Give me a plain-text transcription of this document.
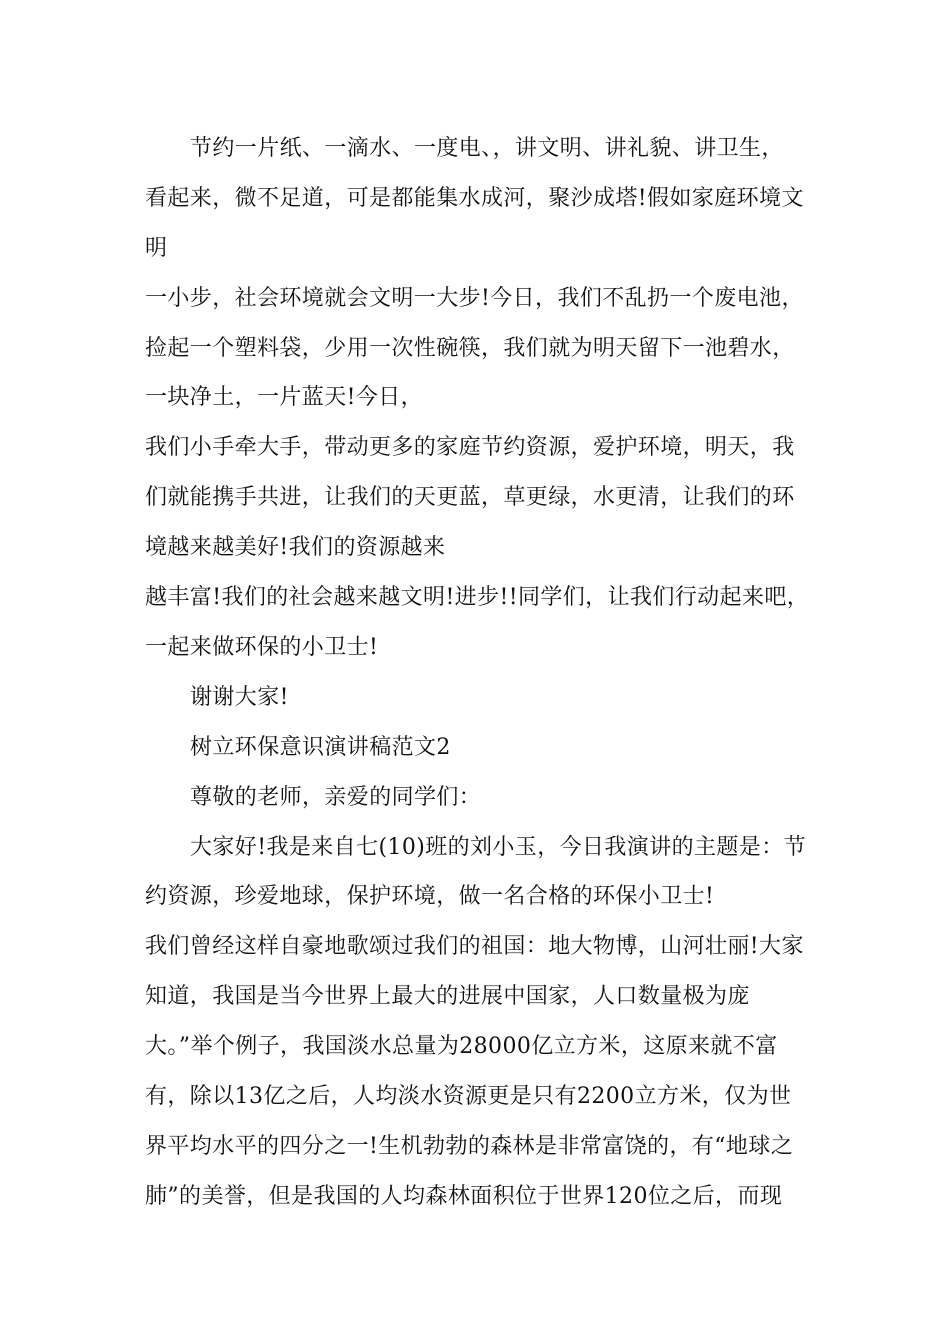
节约一片纸、一滴水、一度电、，讲文明、讲礼貌、讲卫生，
看起来，微不足道，可是都能集水成河，聚沙成塔!假如家庭环境文
明
一小步，社会环境就会文明一大步!今日，我们不乱扔一个废电池，
捡起一个塑料袋，少用一次性碗筷，我们就为明天留下一池碧水，
一块净土，一片蓝天!今日，
我们小手牵大手，带动更多的家庭节约资源，爱护环境，明天，我
们就能携手共进，让我们的天更蓝，草更绿，水更清，让我们的环
境越来越美好!我们的资源越来
越丰富!我们的社会越来越文明!进步!!同学们，让我们行动起来吧，
一起来做环保的小卫士!
谢谢大家!
树立环保意识演讲稿范文2
尊敬的老师，亲爱的同学们：
大家好!我是来自七(10)班的刘小玉，今日我演讲的主题是：节
约资源，珍爱地球，保护环境，做一名合格的环保小卫士!
我们曾经这样自豪地歌颂过我们的祖国：地大物博，山河壮丽!大家
知道，我国是当今世界上最大的进展中国家，人口数量极为庞
大。”举个例子，我国淡水总量为28000亿立方米，这原来就不富
有，除以13亿之后，人均淡水资源更是只有2200立方米，仅为世
界平均水平的四分之一!生机勃勃的森林是非常富饶的，有“地球之
肺”的美誉，但是我国的人均森林面积位于世界120位之后，而现
